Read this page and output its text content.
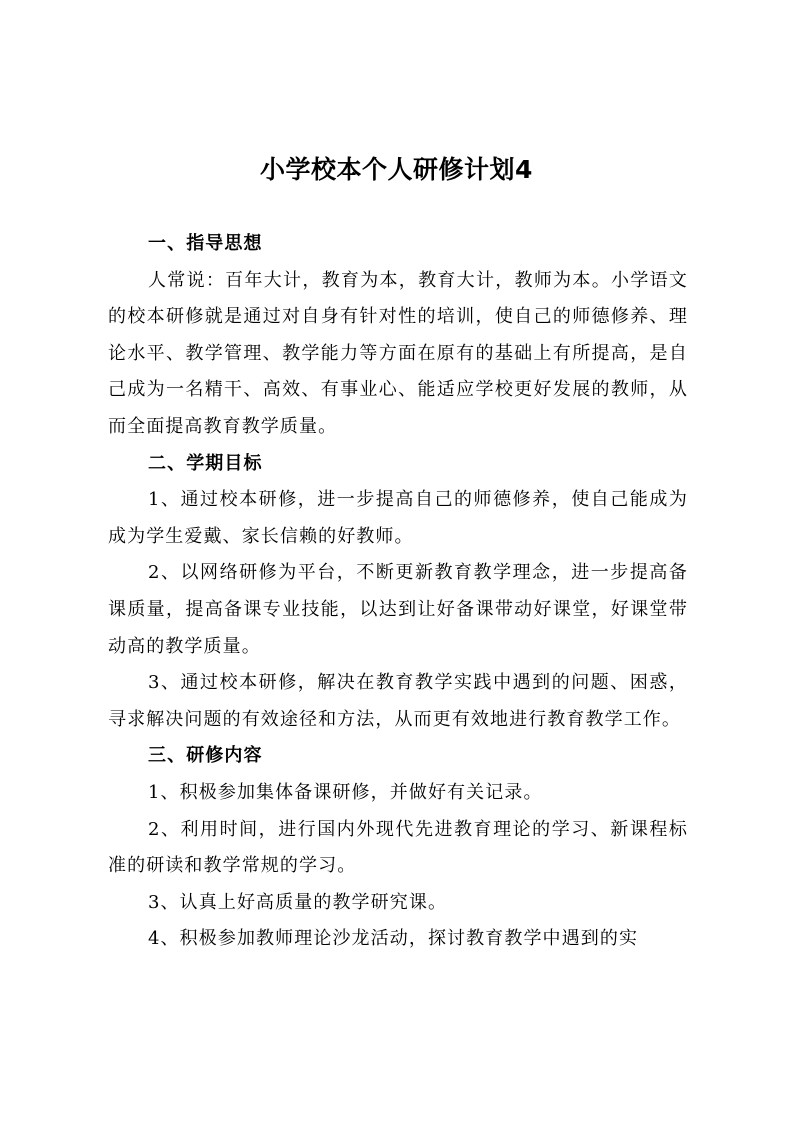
小学校本个人研修计划4
一、指导思想

人常说：百年大计，教育为本，教育大计，教师为本。小学语文的校本研修就是通过对自身有针对性的培训，使自己的师德修养、理论水平、教学管理、教学能力等方面在原有的基础上有所提高，是自己成为一名精干、高效、有事业心、能适应学校更好发展的教师，从而全面提高教育教学质量。

二、学期目标

1、通过校本研修，进一步提高自己的师德修养，使自己能成为成为学生爱戴、家长信赖的好教师。

2、以网络研修为平台，不断更新教育教学理念，进一步提高备课质量，提高备课专业技能，以达到让好备课带动好课堂，好课堂带动高的教学质量。

3、通过校本研修，解决在教育教学实践中遇到的问题、困惑，寻求解决问题的有效途径和方法，从而更有效地进行教育教学工作。

三、研修内容

1、积极参加集体备课研修，并做好有关记录。

2、利用时间，进行国内外现代先进教育理论的学习、新课程标准的研读和教学常规的学习。

3、认真上好高质量的教学研究课。

4、积极参加教师理论沙龙活动，探讨教育教学中遇到的实
